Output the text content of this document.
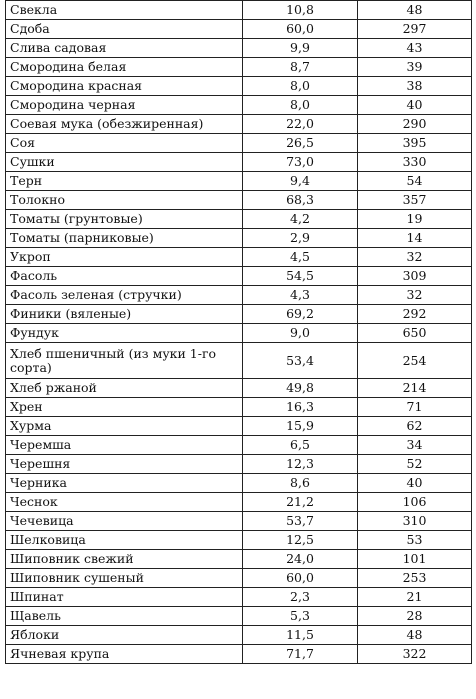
Свекла	10,8	48
Сдоба	60,0	297
Слива садовая	9,9	43
Смородина белая	8,7	39
Смородина красная	8,0	38
Смородина черная	8,0	40
Соевая мука (обезжиренная)	22,0	290
Соя	26,5	395
Сушки	73,0	330
Терн	9,4	54
Толокно	68,3	357
Томаты (грунтовые)	4,2	19
Томаты (парниковые)	2,9	14
Укроп	4,5	32
Фасоль	54,5	309
Фасоль зеленая (стручки)	4,3	32
Финики (вяленые)	69,2	292
Фундук	9,0	650
Хлеб пшеничный (из муки 1-го сорта)	53,4	254
Хлеб ржаной	49,8	214
Хрен	16,3	71
Хурма	15,9	62
Черемша	6,5	34
Черешня	12,3	52
Черника	8,6	40
Чеснок	21,2	106
Чечевица	53,7	310
Шелковица	12,5	53
Шиповник свежий	24,0	101
Шиповник сушеный	60,0	253
Шпинат	2,3	21
Щавель	5,3	28
Яблоки	11,5	48
Ячневая крупа	71,7	322
